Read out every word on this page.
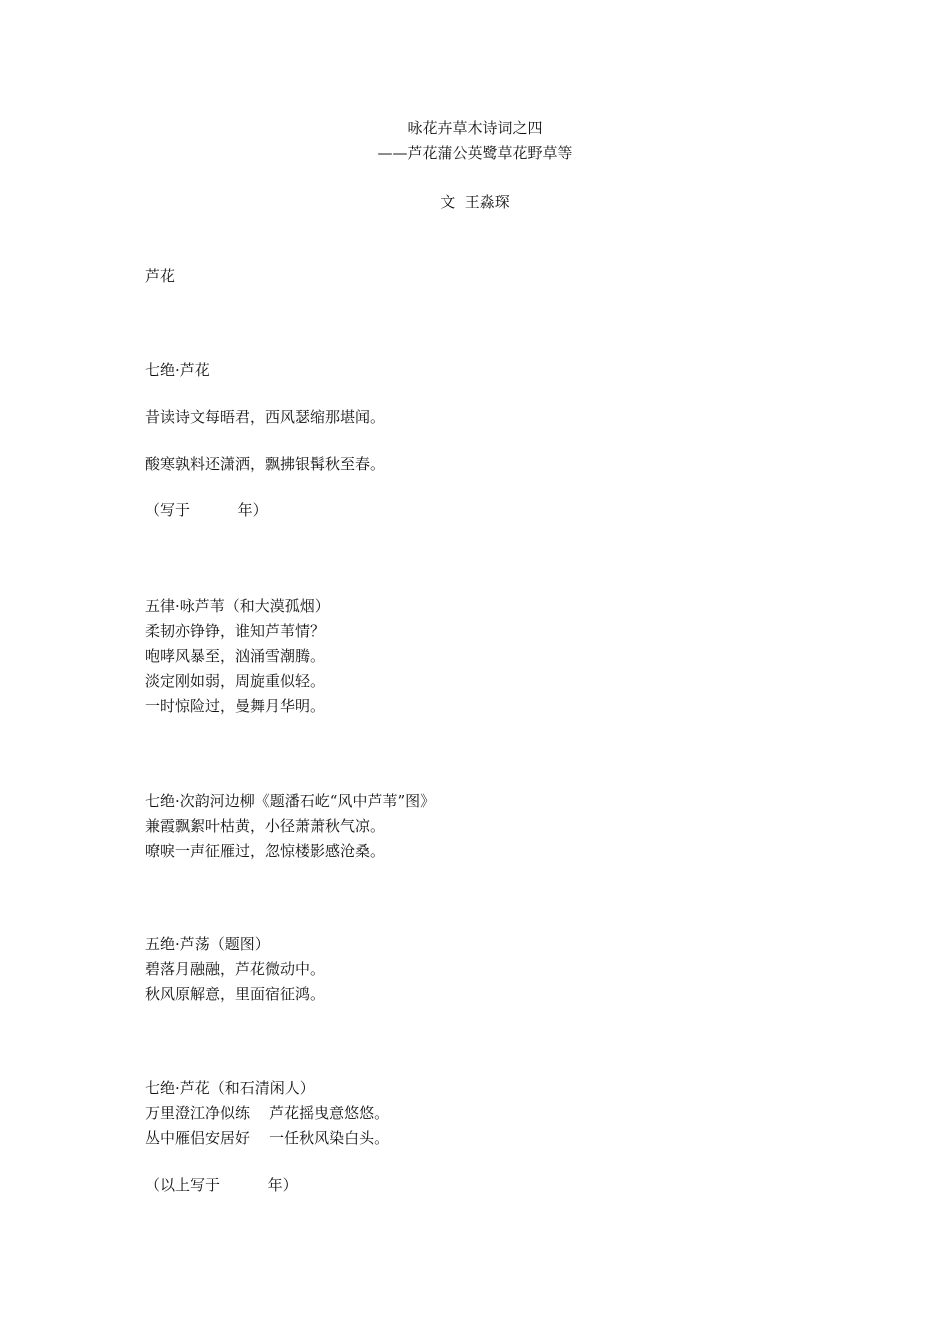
咏花卉草木诗词之四
——芦花蒲公英鹭草花野草等
文  王淼琛
芦花
七绝·芦花
昔读诗文每晤君，西风瑟缩那堪闻。
酸寒孰料还潇洒，飘拂银髯秋至春。
（写于          年）
五律·咏芦苇（和大漠孤烟）
柔韧亦铮铮，谁知芦苇情？
咆哮风暴至，汹涌雪潮腾。
淡定刚如弱，周旋重似轻。
一时惊险过，曼舞月华明。
七绝·次韵河边柳《题潘石屹“风中芦苇”图》
兼霞飘絮叶枯黄，小径萧萧秋气凉。
嘹唳一声征雁过，忽惊楼影感沧桑。
五绝·芦荡（题图）
碧落月融融，芦花微动中。
秋风原解意，里面宿征鸿。
七绝·芦花（和石清闲人）
万里澄江净似练    芦花摇曳意悠悠。
丛中雁侣安居好    一任秋风染白头。
（以上写于          年）
